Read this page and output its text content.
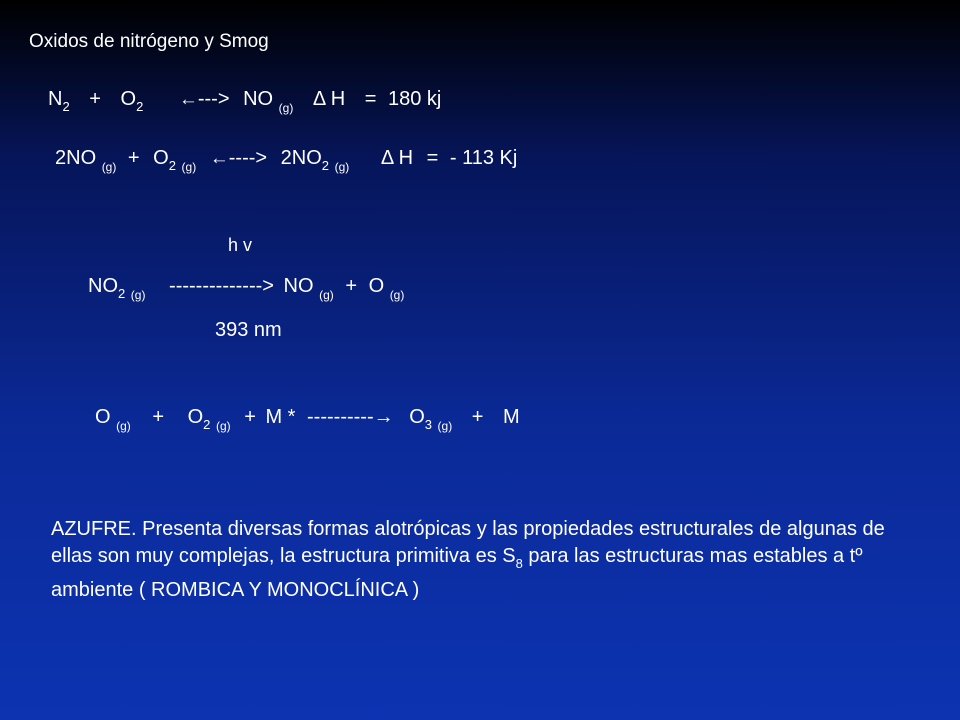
Oxidos de nitrógeno y Smog
$N_2 + O_2$ ←---> NO $_{(g)}$ Δ H = 180 kj
2NO $_{(g)} + O_2$ $_{(g)}$ ←----> $2NO_2$ $_{(g)}$ Δ H = - 113 Kj
h v
$NO_2$ $_{(g)}$ --------------> NO $_{(g)}$ + O $_{(g)}$
393 nm
O $_{(g)} + O_2$ $_{(g)}$ + M * ----------→ $O_3$ $_{(g)}$ + M
AZUFRE. Presenta diversas formas alotrópicas y las propiedades estructurales de algunas de ellas son muy complejas, la estructura primitiva es $S_8$ para las estructuras mas estables a tº ambiente ( ROMBICA Y MONOCLÍNICA )
